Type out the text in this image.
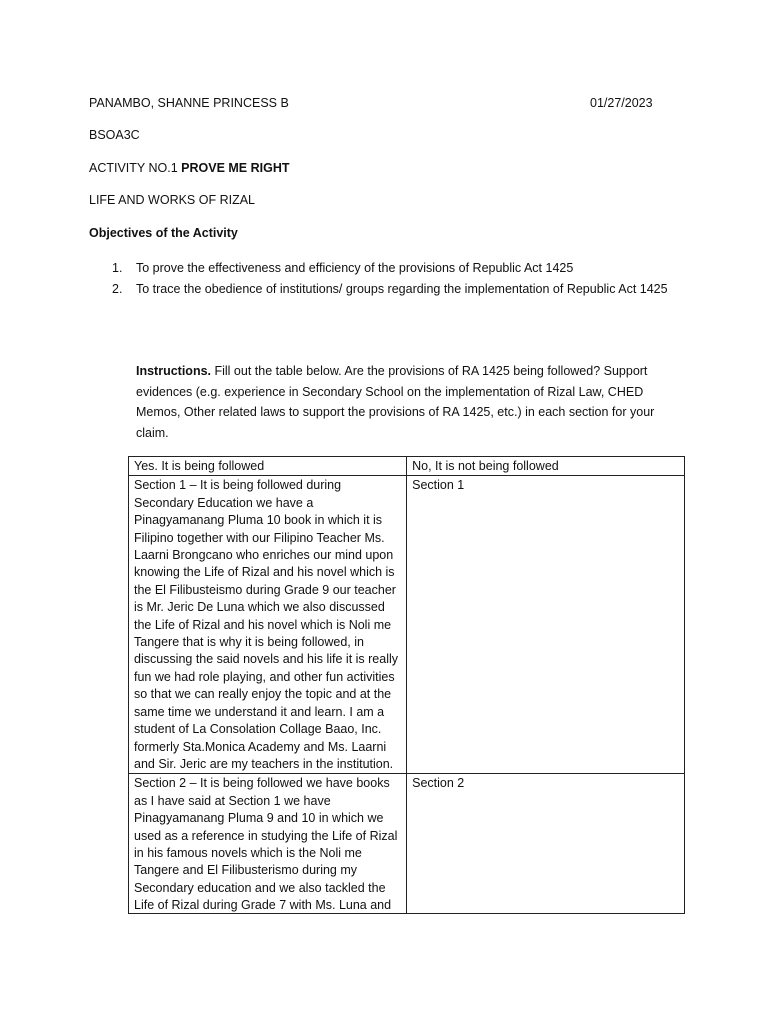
PANAMBO, SHANNE PRINCESS B	01/27/2023
BSOA3C
ACTIVITY NO.1 PROVE ME RIGHT
LIFE AND WORKS OF RIZAL
Objectives of the Activity
1.	To prove the effectiveness and efficiency of the provisions of Republic Act 1425
2.	To trace the obedience of institutions/ groups regarding the implementation of Republic Act 1425
Instructions. Fill out the table below. Are the provisions of RA 1425 being followed? Support evidences (e.g. experience in Secondary School on the implementation of Rizal Law, CHED Memos, Other related laws to support the provisions of RA 1425, etc.) in each section for your claim.
Yes. It is being followed	No, It is not being followed
Section 1 – It is being followed during Secondary Education we have a Pinagyamanang Pluma 10 book in which it is Filipino together with our Filipino Teacher Ms. Laarni Brongcano who enriches our mind upon knowing the Life of Rizal and his novel which is the El Filibusteismo during Grade 9 our teacher is Mr. Jeric De Luna which we also discussed the Life of Rizal and his novel which is Noli me Tangere that is why it is being followed, in discussing the said novels and his life it is really fun we had role playing, and other fun activities so that we can really enjoy the topic and at the same time we understand it and learn. I am a student of La Consolation Collage Baao, Inc. formerly Sta.Monica Academy and Ms. Laarni and Sir. Jeric are my teachers in the institution.	Section 1

Section 2 – It is being followed we have books as I have said at Section 1 we have Pinagyamanang Pluma 9 and 10 in which we used as a reference in studying the Life of Rizal in his famous novels which is the Noli me Tangere and El Filibusterismo during my Secondary education and we also tackled the Life of Rizal during Grade 7 with Ms. Luna and	Section 2
